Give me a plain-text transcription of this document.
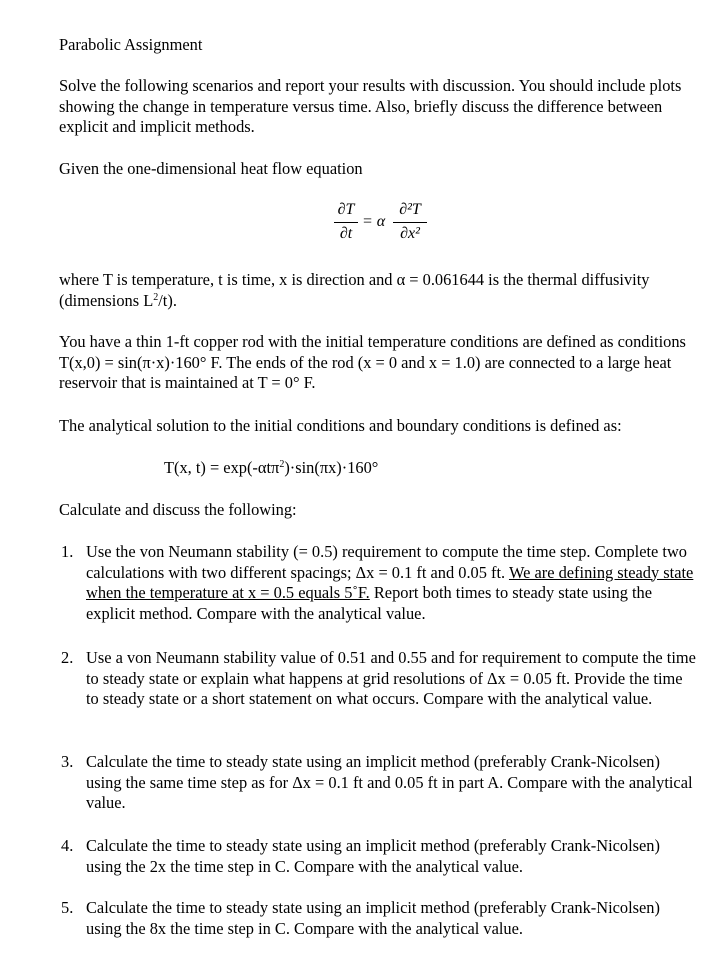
Parabolic Assignment
Solve the following scenarios and report your results with discussion. You should include plots showing the change in temperature versus time. Also, briefly discuss the difference between explicit and implicit methods.
Given the one-dimensional heat flow equation
∂T
∂t
= α
∂²T
∂x²
where T is temperature, t is time, x is direction and α = 0.061644 is the thermal diffusivity (dimensions $L^2/t$).
You have a thin 1-ft copper rod with the initial temperature conditions are defined as conditions T(x,0) = sin(π·x)·160° F. The ends of the rod (x = 0 and x = 1.0) are connected to a large heat reservoir that is maintained at T = 0° F.
The analytical solution to the initial conditions and boundary conditions is defined as:
T(x, t) = exp(-αtπ$^2$)·sin(πx)·160°
Calculate and discuss the following:
1. Use the von Neumann stability (= 0.5) requirement to compute the time step. Complete two calculations with two different spacings; Δx = 0.1 ft and 0.05 ft. We are defining steady state when the temperature at x = 0.5 equals 5˚F. Report both times to steady state using the explicit method. Compare with the analytical value.
2. Use a von Neumann stability value of 0.51 and 0.55 and for requirement to compute the time to steady state or explain what happens at grid resolutions of Δx = 0.05 ft. Provide the time to steady state or a short statement on what occurs. Compare with the analytical value.
3. Calculate the time to steady state using an implicit method (preferably Crank-Nicolsen) using the same time step as for Δx = 0.1 ft and 0.05 ft in part A. Compare with the analytical value.
4. Calculate the time to steady state using an implicit method (preferably Crank-Nicolsen) using the 2x the time step in C. Compare with the analytical value.
5. Calculate the time to steady state using an implicit method (preferably Crank-Nicolsen) using the 8x the time step in C. Compare with the analytical value.
